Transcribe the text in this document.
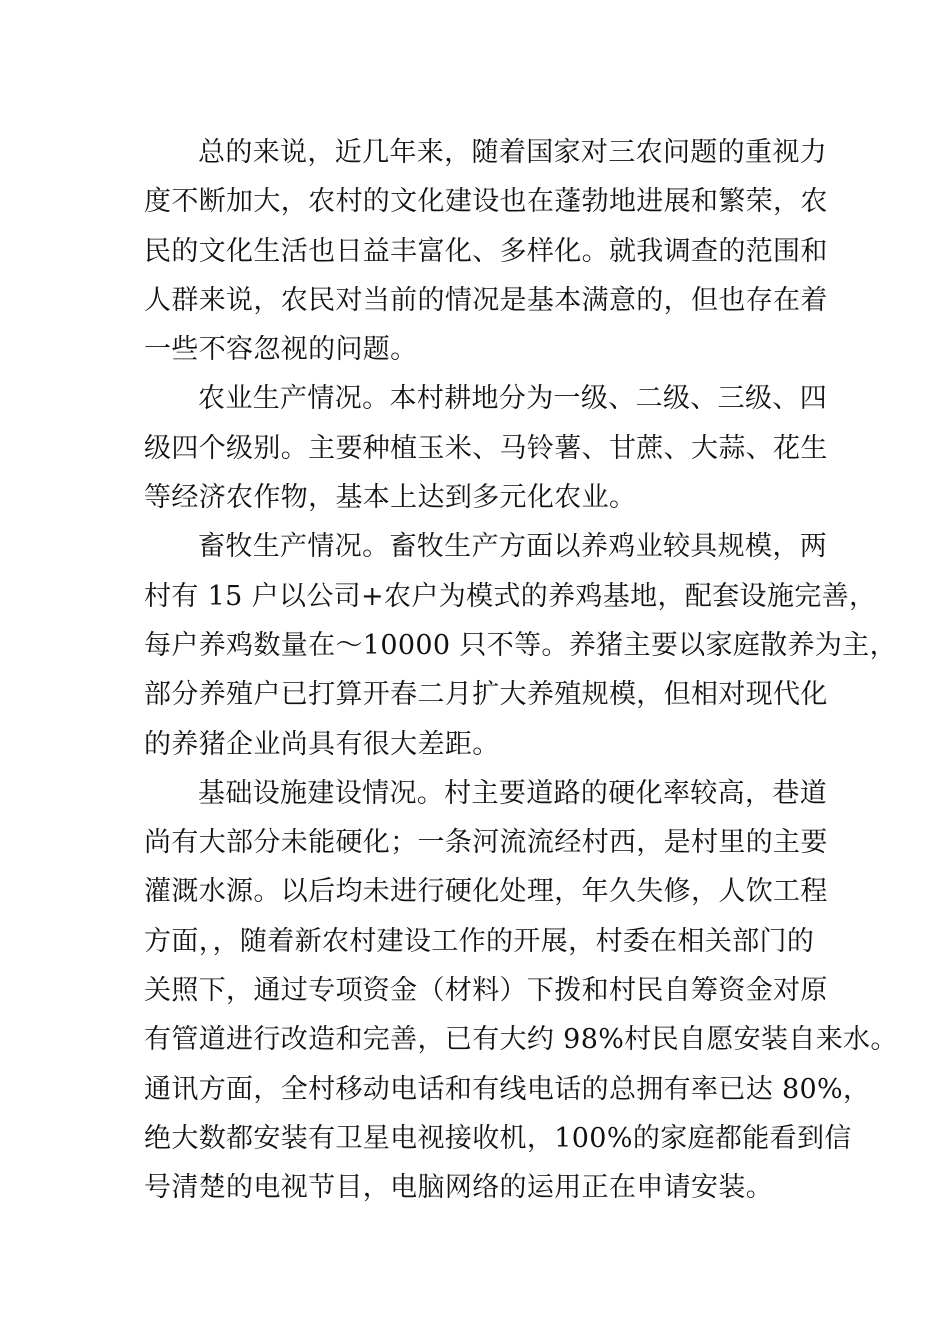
总的来说，近几年来，随着国家对三农问题的重视力
度不断加大，农村的文化建设也在蓬勃地进展和繁荣，农
民的文化生活也日益丰富化、多样化。就我调查的范围和
人群来说，农民对当前的情况是基本满意的，但也存在着
一些不容忽视的问题。

农业生产情况。本村耕地分为一级、二级、三级、四
级四个级别。主要种植玉米、马铃薯、甘蔗、大蒜、花生
等经济农作物，基本上达到多元化农业。

畜牧生产情况。畜牧生产方面以养鸡业较具规模，两
村有 15 户以公司+农户为模式的养鸡基地，配套设施完善，
每户养鸡数量在～10000 只不等。养猪主要以家庭散养为主，
部分养殖户已打算开春二月扩大养殖规模，但相对现代化
的养猪企业尚具有很大差距。

基础设施建设情况。村主要道路的硬化率较高，巷道
尚有大部分未能硬化；一条河流流经村西，是村里的主要
灌溉水源。以后均未进行硬化处理，年久失修，人饮工程
方面，，随着新农村建设工作的开展，村委在相关部门的
关照下，通过专项资金（材料）下拨和村民自筹资金对原
有管道进行改造和完善，已有大约 98%村民自愿安装自来水。
通讯方面，全村移动电话和有线电话的总拥有率已达 80%，
绝大数都安装有卫星电视接收机，100%的家庭都能看到信
号清楚的电视节目，电脑网络的运用正在申请安装。
